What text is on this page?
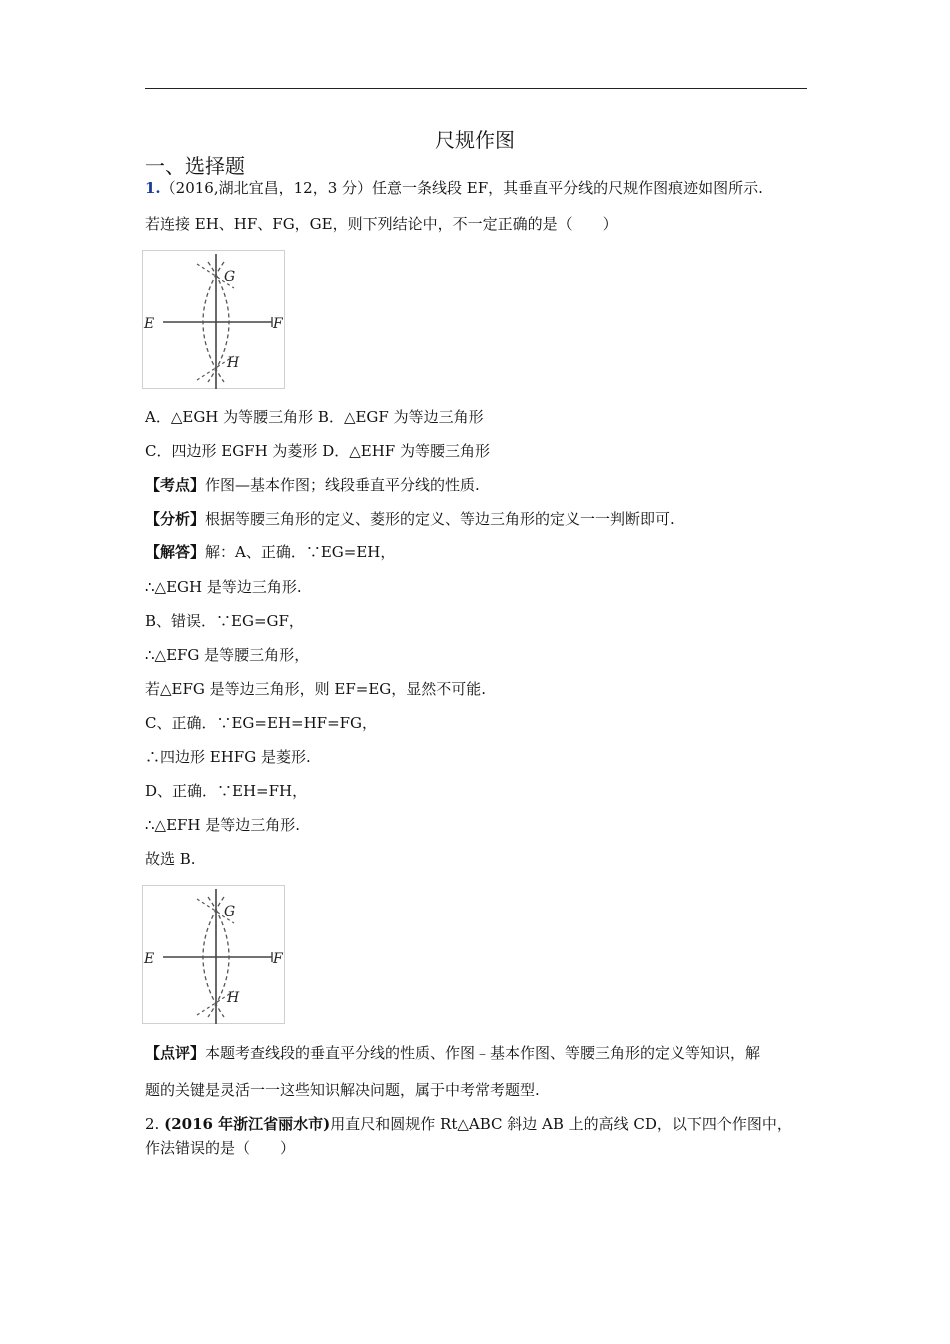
尺规作图
一、选择题
1.（2016,湖北宜昌，12，3 分）任意一条线段 EF，其垂直平分线的尺规作图痕迹如图所示.
若连接 EH、HF、FG，GE，则下列结论中，不一定正确的是（　　）
E	F
G
H
A．△EGH 为等腰三角形 B．△EGF 为等边三角形
C．四边形 EGFH 为菱形 D．△EHF 为等腰三角形
【考点】作图—基本作图；线段垂直平分线的性质.
【分析】根据等腰三角形的定义、菱形的定义、等边三角形的定义一一判断即可.
【解答】解：A、正确．∵EG=EH，
∴△EGH 是等边三角形.
B、错误．∵EG=GF，
∴△EFG 是等腰三角形，
若△EFG 是等边三角形，则 EF=EG，显然不可能.
C、正确．∵EG=EH=HF=FG，
∴四边形 EHFG 是菱形.
D、正确．∵EH=FH，
∴△EFH 是等边三角形.
故选 B.
E	F
G
H
【点评】本题考查线段的垂直平分线的性质、作图﹣基本作图、等腰三角形的定义等知识，解
题的关键是灵活一一这些知识解决问题，属于中考常考题型.
2. (2016 年浙江省丽水市)用直尺和圆规作 Rt△ABC 斜边 AB 上的高线 CD，以下四个作图中，
作法错误的是（　　）
